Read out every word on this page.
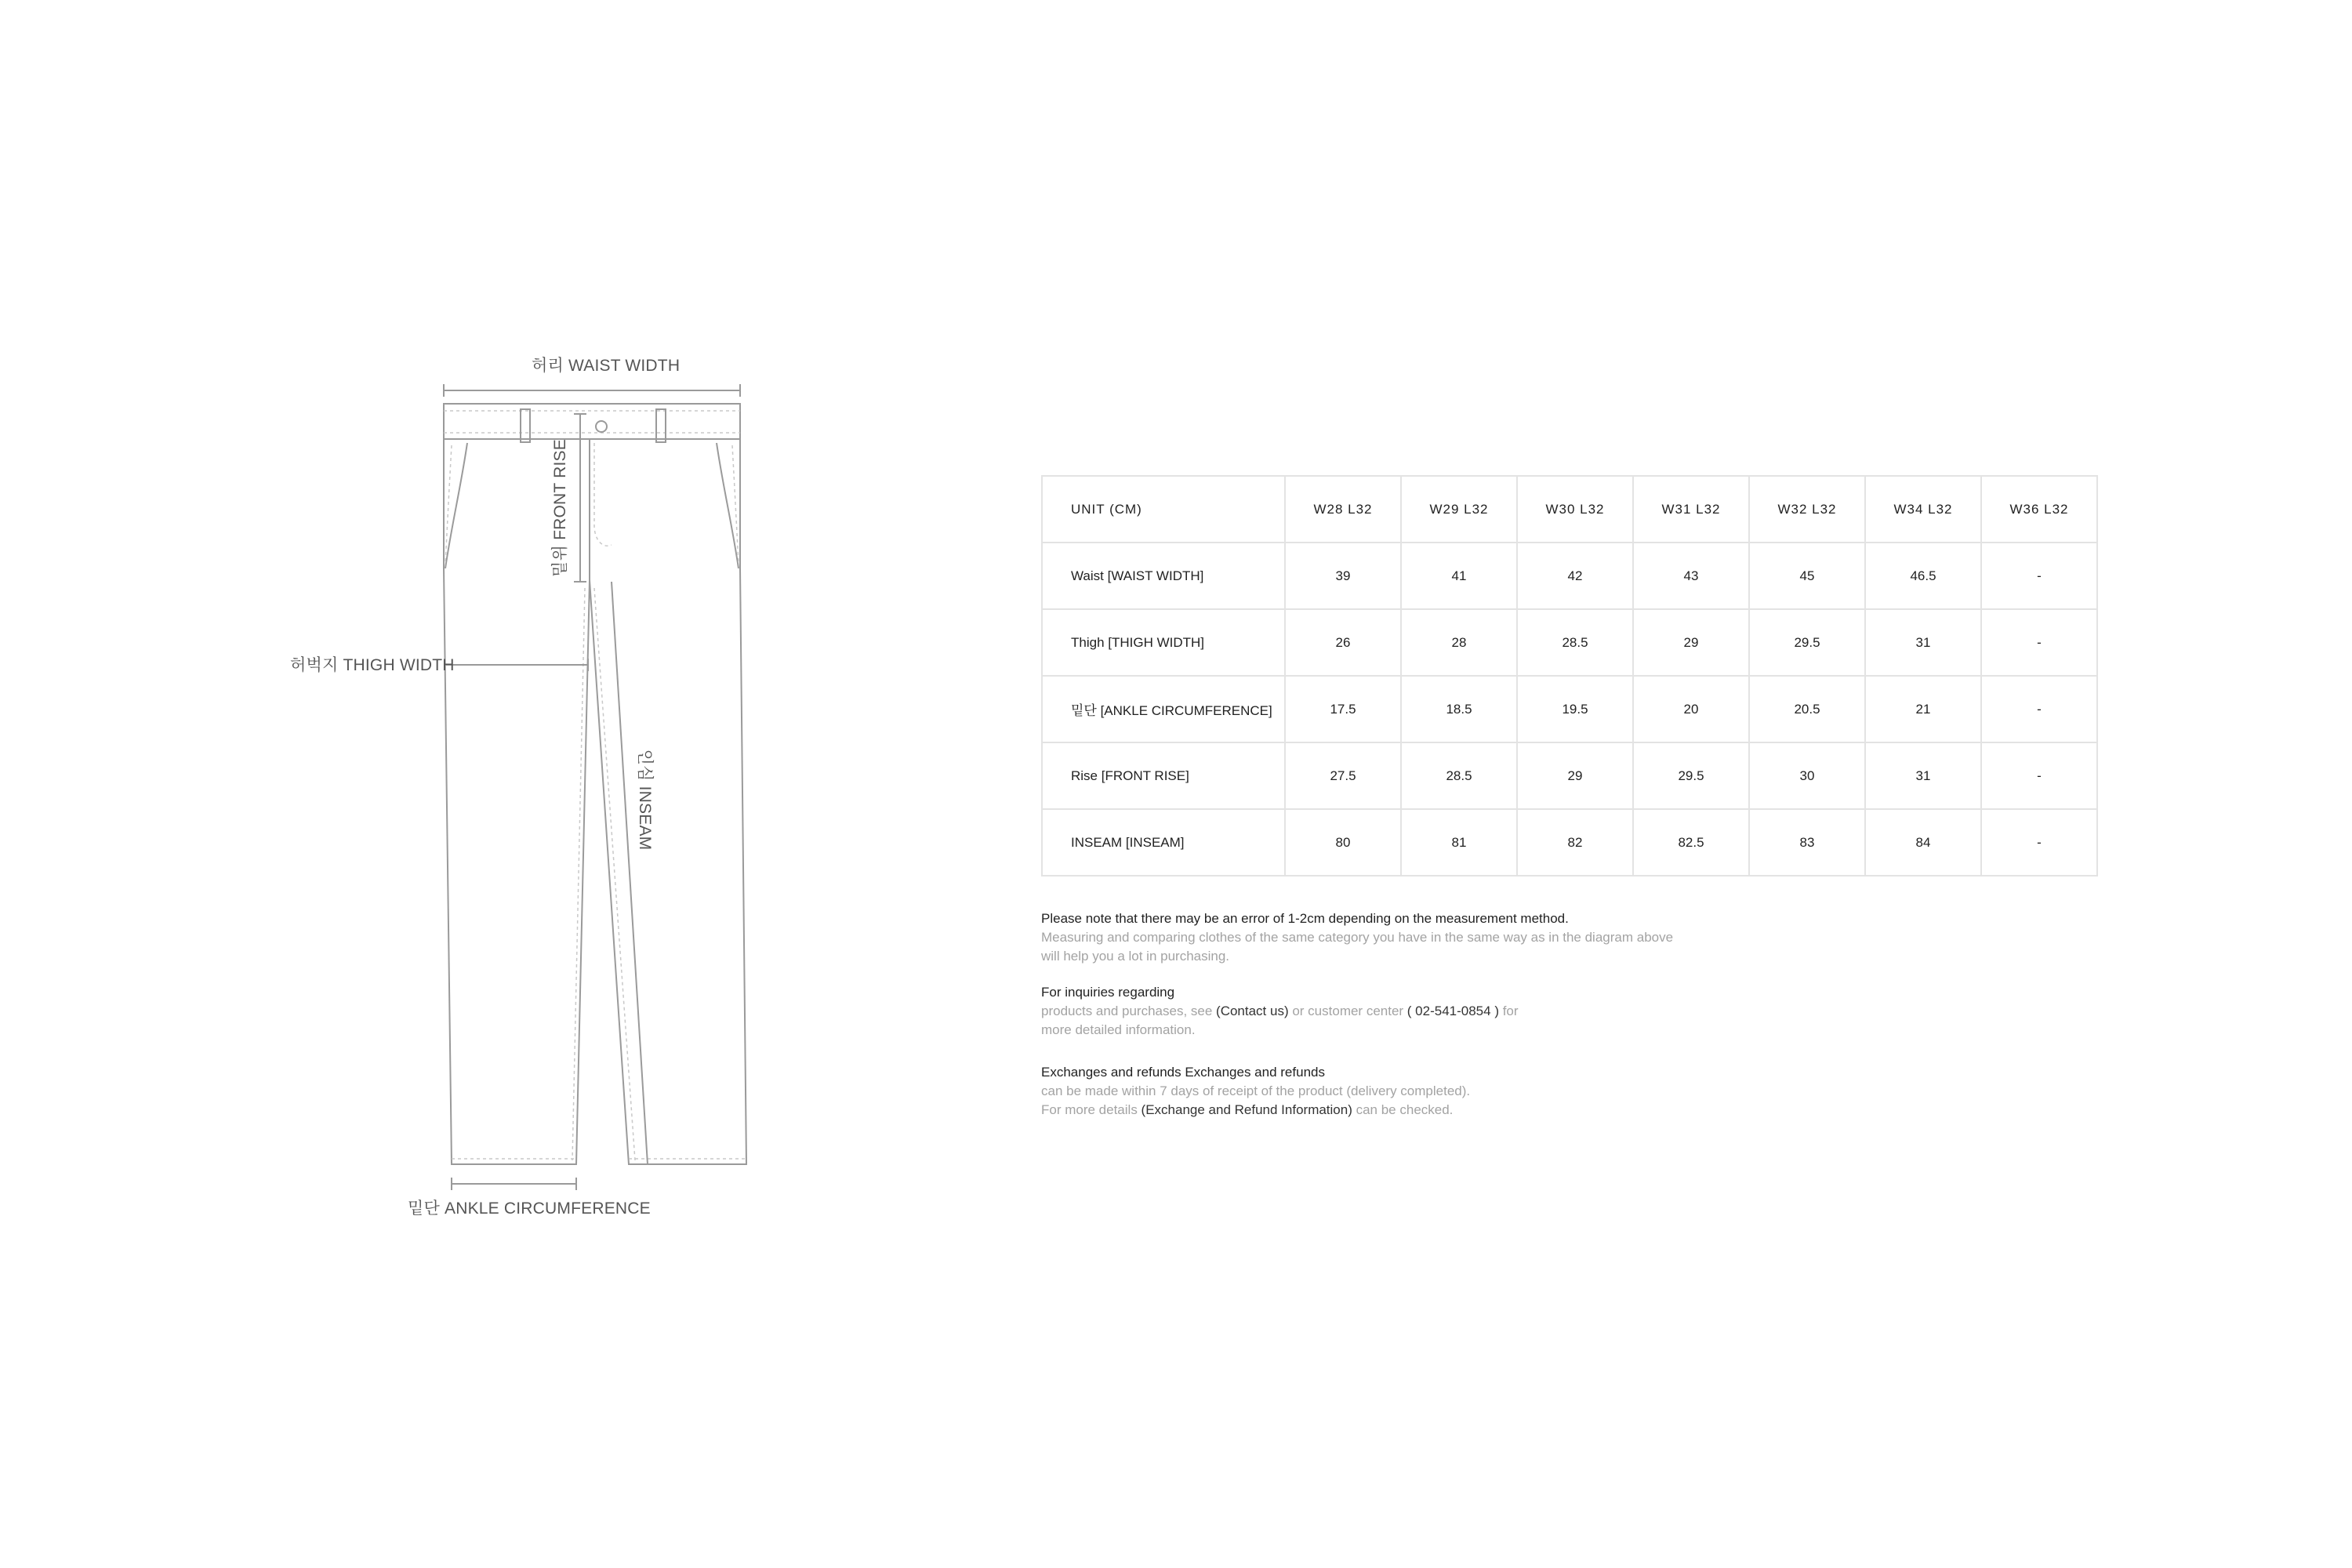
허리 WAIST WIDTH
밑위 FRONT RISE
허벅지 THIGH WIDTH
인심 INSEAM
밑단 ANKLE CIRCUMFERENCE
UNIT (CM)	W28 L32	W29 L32	W30 L32	W31 L32	W32 L32	W34 L32	W36 L32
Waist [WAIST WIDTH]	39	41	42	43	45	46.5	-
Thigh [THIGH WIDTH]	26	28	28.5	29	29.5	31	-
밑단 [ANKLE CIRCUMFERENCE]	17.5	18.5	19.5	20	20.5	21	-
Rise [FRONT RISE]	27.5	28.5	29	29.5	30	31	-
INSEAM [INSEAM]	80	81	82	82.5	83	84	-
Please note that there may be an error of 1-2cm depending on the measurement method.
Measuring and comparing clothes of the same category you have in the same way as in the diagram above
will help you a lot in purchasing.
For inquiries regarding
products and purchases, see (Contact us) or customer center ( 02-541-0854 ) for
more detailed information.
Exchanges and refunds Exchanges and refunds
can be made within 7 days of receipt of the product (delivery completed).
For more details (Exchange and Refund Information) can be checked.
